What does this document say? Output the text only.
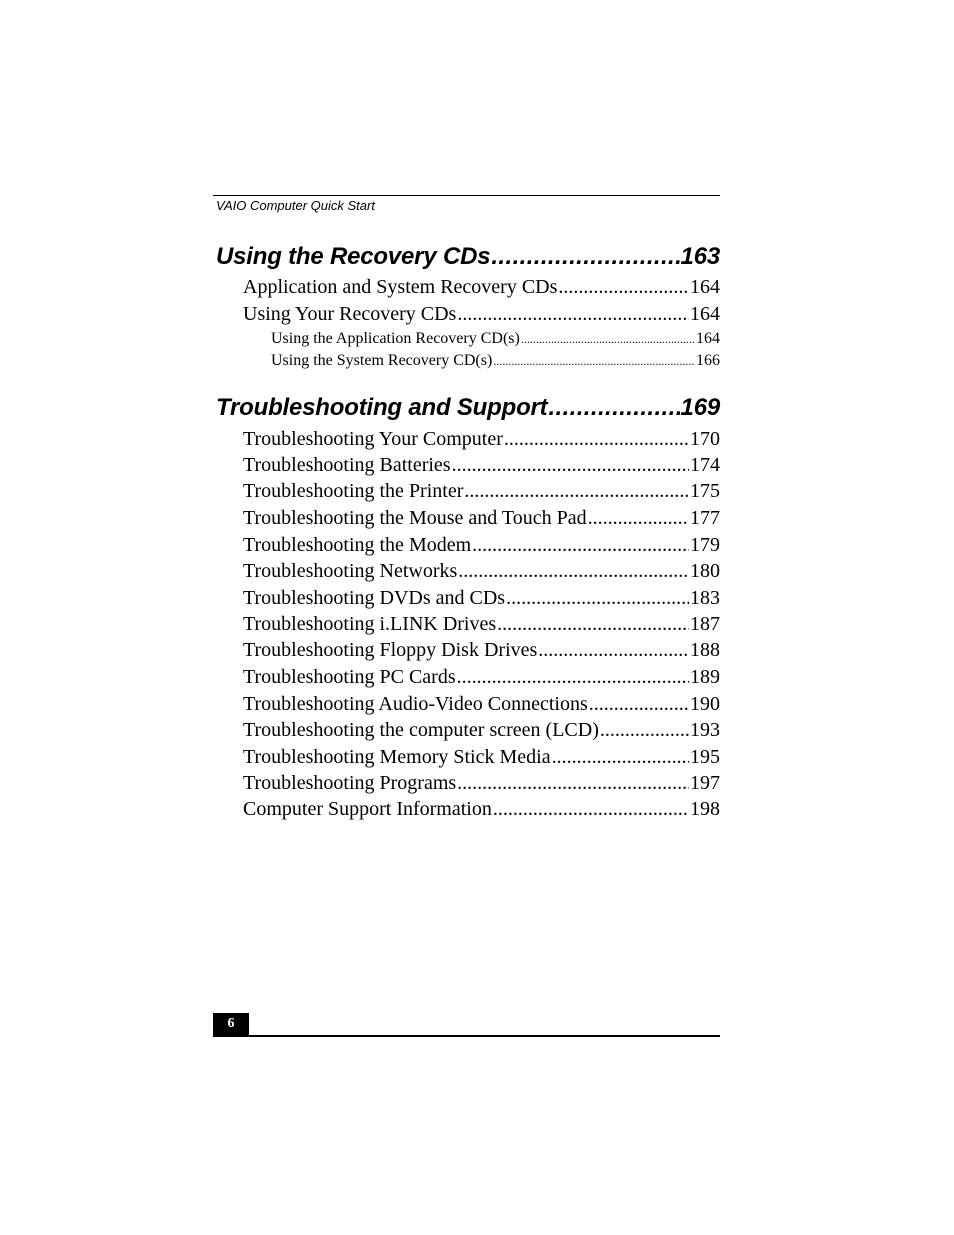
VAIO Computer Quick Start
Using the Recovery CDs .....	163
Application and System Recovery CDs .....	164
Using Your Recovery CDs .....	164
Using the Application Recovery CD(s) .....	164
Using the System Recovery CD(s) .....	166
Troubleshooting and Support .....	169
Troubleshooting Your Computer .....	170
Troubleshooting Batteries .....	174
Troubleshooting the Printer .....	175
Troubleshooting the Mouse and Touch Pad .....	177
Troubleshooting the Modem .....	179
Troubleshooting Networks .....	180
Troubleshooting DVDs and CDs .....	183
Troubleshooting i.LINK Drives .....	187
Troubleshooting Floppy Disk Drives .....	188
Troubleshooting PC Cards .....	189
Troubleshooting Audio-Video Connections .....	190
Troubleshooting the computer screen (LCD) .....	193
Troubleshooting Memory Stick Media .....	195
Troubleshooting Programs .....	197
Computer Support Information .....	198
6
